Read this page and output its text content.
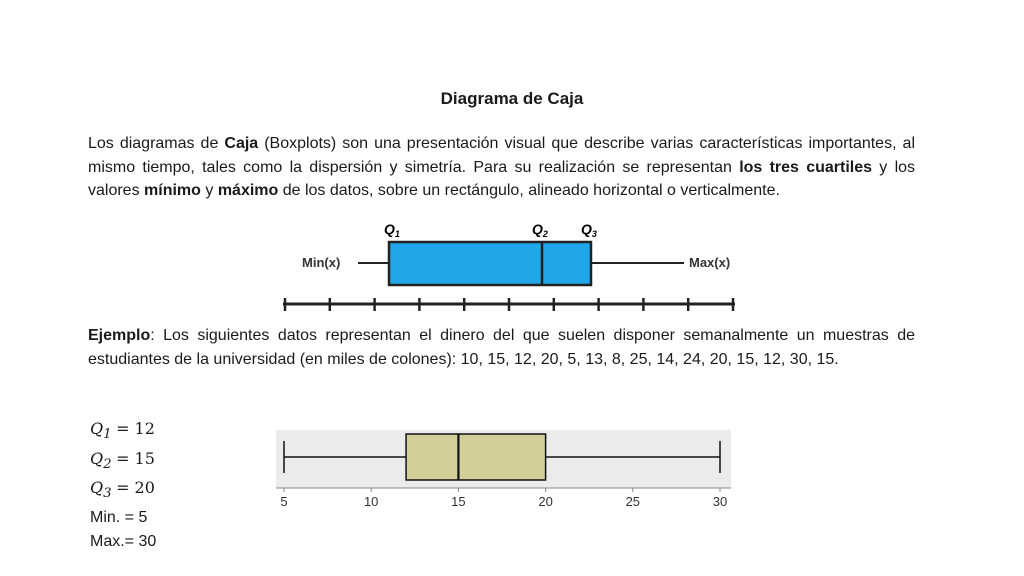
Diagrama de Caja

Los diagramas de Caja (Boxplots) son una presentación visual que describe varias características importantes, al mismo tiempo, tales como la dispersión y simetría. Para su realización se representan los tres cuartiles y los valores mínimo y máximo de los datos, sobre un rectángulo, alineado horizontal o verticalmente.

$Q_1$	$Q_2$ $Q_3$
Min(x)	Max(x)

Ejemplo: Los siguientes datos representan el dinero del que suelen disponer semanalmente un muestras de estudiantes de la universidad (en miles de colones): 10, 15, 12, 20, 5, 13, 8, 25, 14, 24, 20, 15, 12, 30, 15.

$Q_1 = 12$
$Q_2 = 15$
$Q_3 = 20$
Min. = 5
Max.= 30
5	10	15	20	25	30
